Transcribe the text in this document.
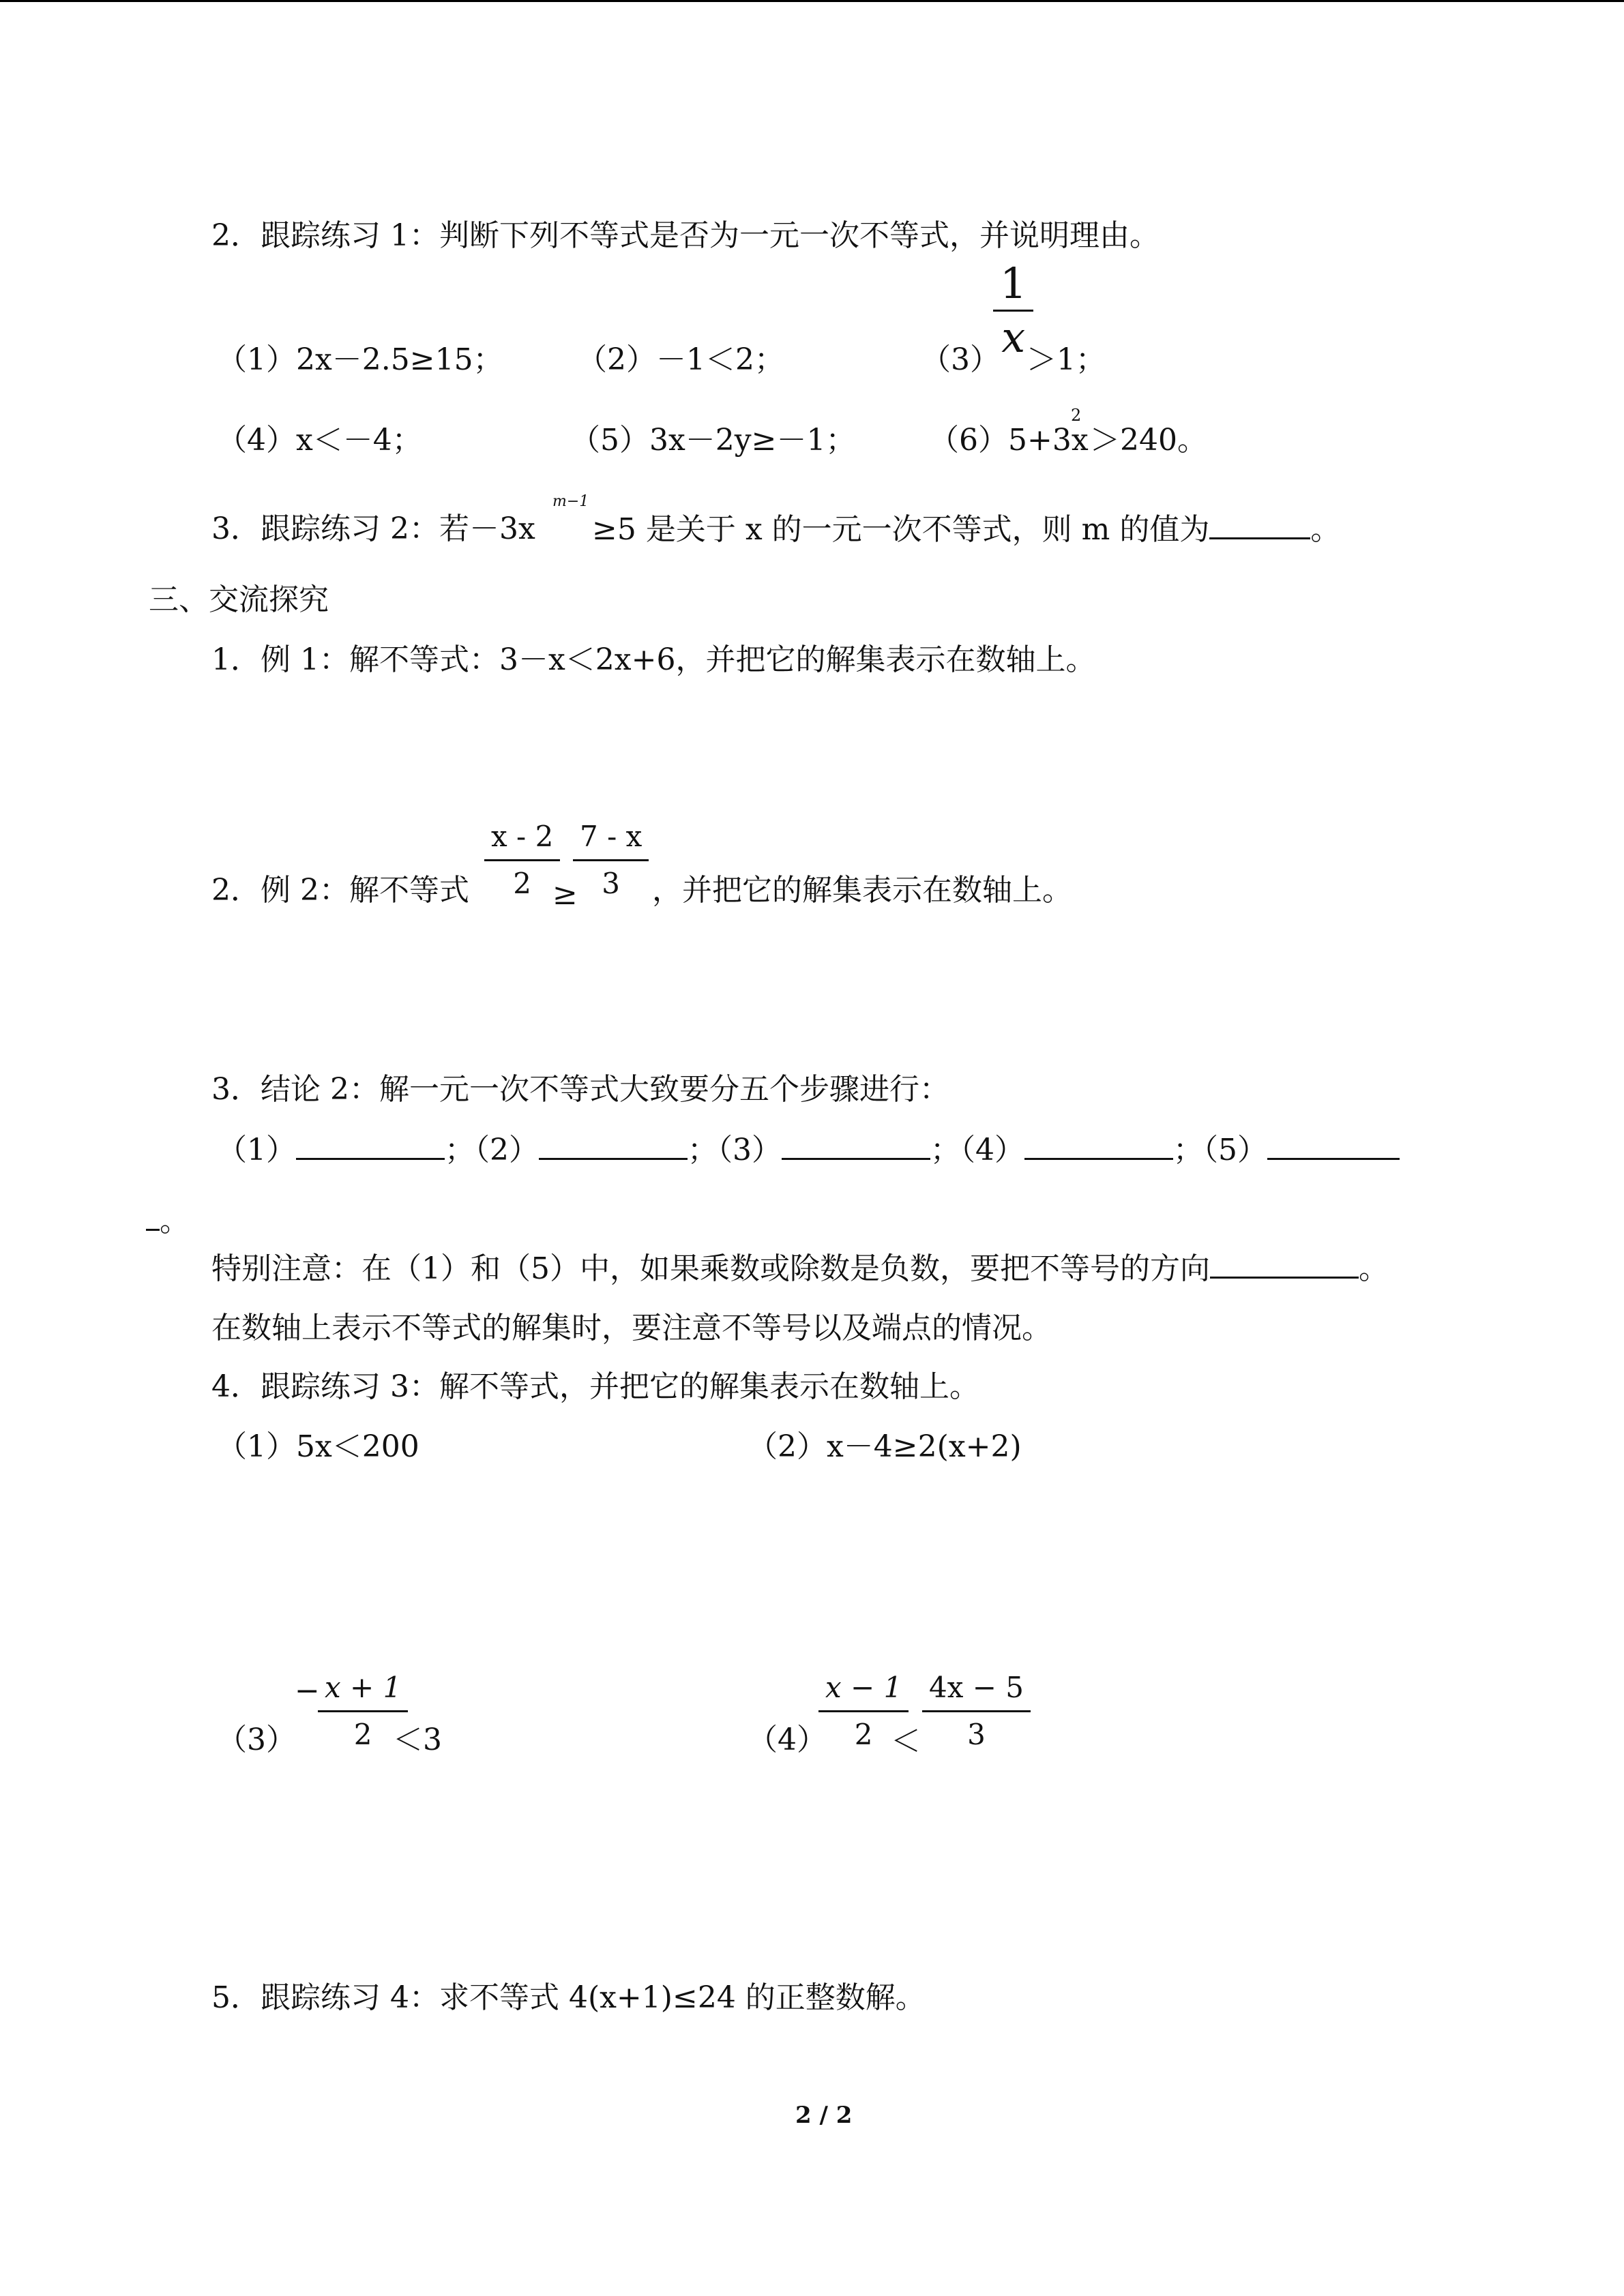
2．跟踪练习 1：判断下列不等式是否为一元一次不等式，并说明理由。
（1）2x－2.5≥15； （2）－1＜2；	（3）
1
x ＞1；
（4）x＜－4；	（5）3x－2y≥－1； （6）5+3x
2
＞240。
3．跟踪练习 2：若－3x
m−1
≥5 是关于 x 的一元一次不等式，则 m 的值为	。
三、交流探究
1．例 1：解不等式：3－x＜2x+6，并把它的解集表示在数轴上。
2．例 2：解不等式
x - 2
2 ≥
7 - x
3 ，并把它的解集表示在数轴上。
3．结论 2：解一元一次不等式大致要分五个步骤进行：
（1）	；（2）	；（3）	；（4）	；（5）
。
特别注意：在（1）和（5）中，如果乘数或除数是负数，要把不等号的方向	。
在数轴上表示不等式的解集时，要注意不等号以及端点的情况。
4．跟踪练习 3：解不等式，并把它的解集表示在数轴上。
（1）5x＜200	（2）x－4≥2(x+2)
（3）
− x + 1
2 ＜3	（4）
x − 1
2 ＜
4x − 5
3
5．跟踪练习 4：求不等式 4(x+1)≤24 的正整数解。
2 / 2
